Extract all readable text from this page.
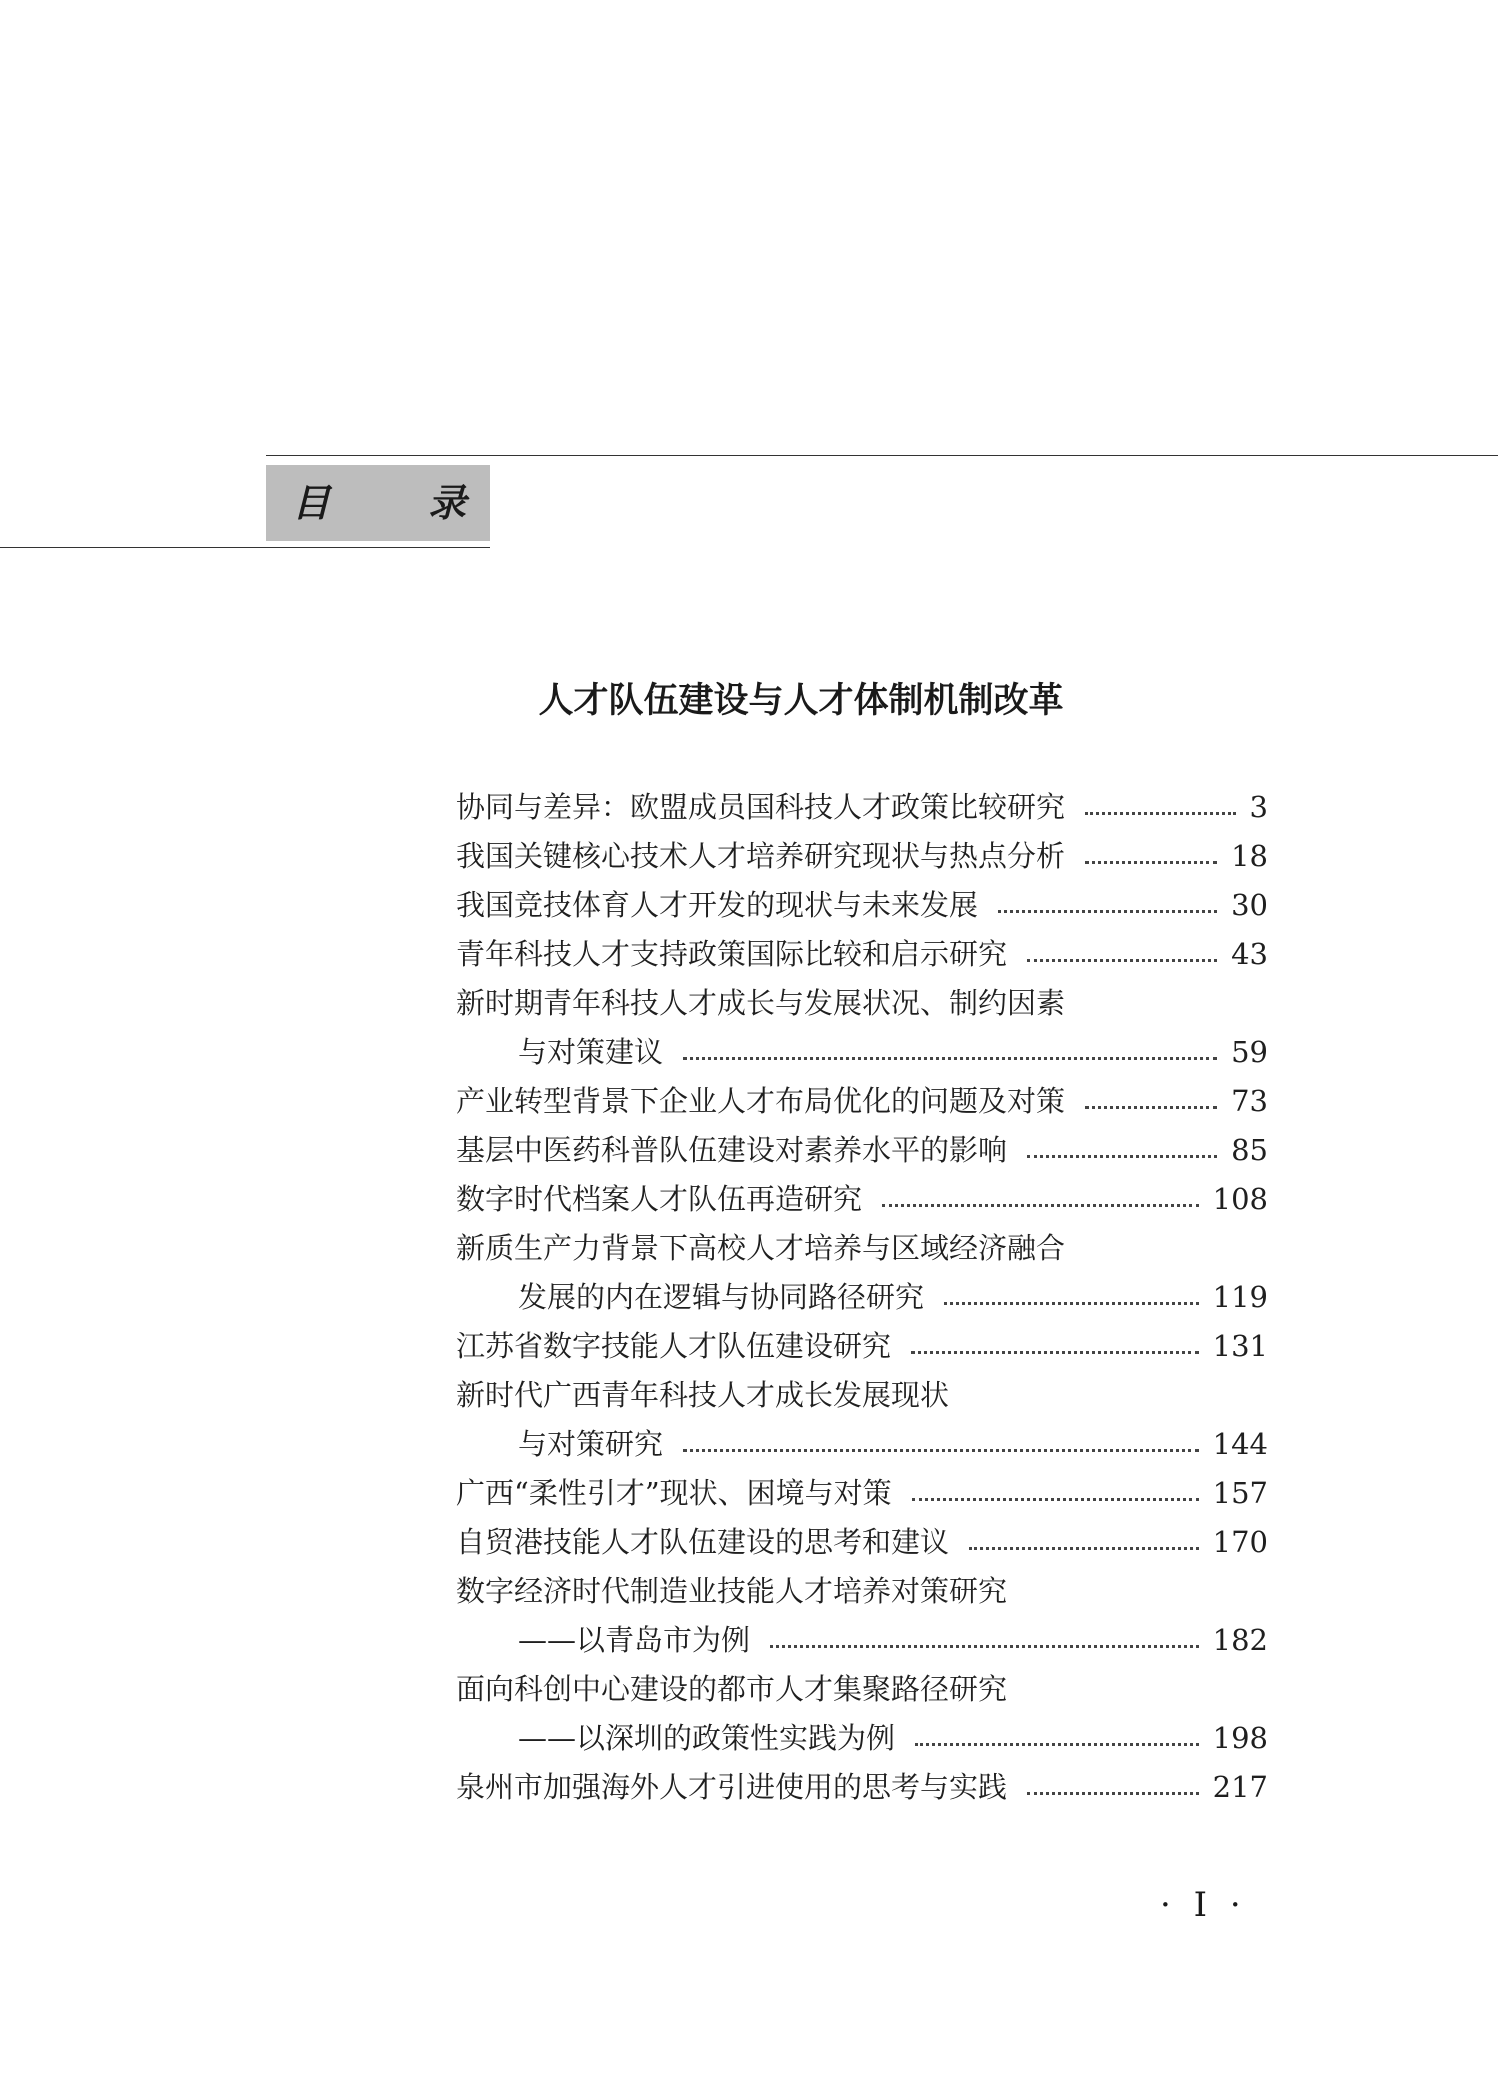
目	录
人才队伍建设与人才体制机制改革
协同与差异：欧盟成员国科技人才政策比较研究	3
我国关键核心技术人才培养研究现状与热点分析	18
我国竞技体育人才开发的现状与未来发展	30
青年科技人才支持政策国际比较和启示研究	43
新时期青年科技人才成长与发展状况、制约因素
与对策建议	59
产业转型背景下企业人才布局优化的问题及对策	73
基层中医药科普队伍建设对素养水平的影响	85
数字时代档案人才队伍再造研究	108
新质生产力背景下高校人才培养与区域经济融合
发展的内在逻辑与协同路径研究	119
江苏省数字技能人才队伍建设研究	131
新时代广西青年科技人才成长发展现状
与对策研究	144
广西“柔性引才”现状、困境与对策	157
自贸港技能人才队伍建设的思考和建议	170
数字经济时代制造业技能人才培养对策研究
——以青岛市为例	182
面向科创中心建设的都市人才集聚路径研究
——以深圳的政策性实践为例	198
泉州市加强海外人才引进使用的思考与实践	217
· I ·
